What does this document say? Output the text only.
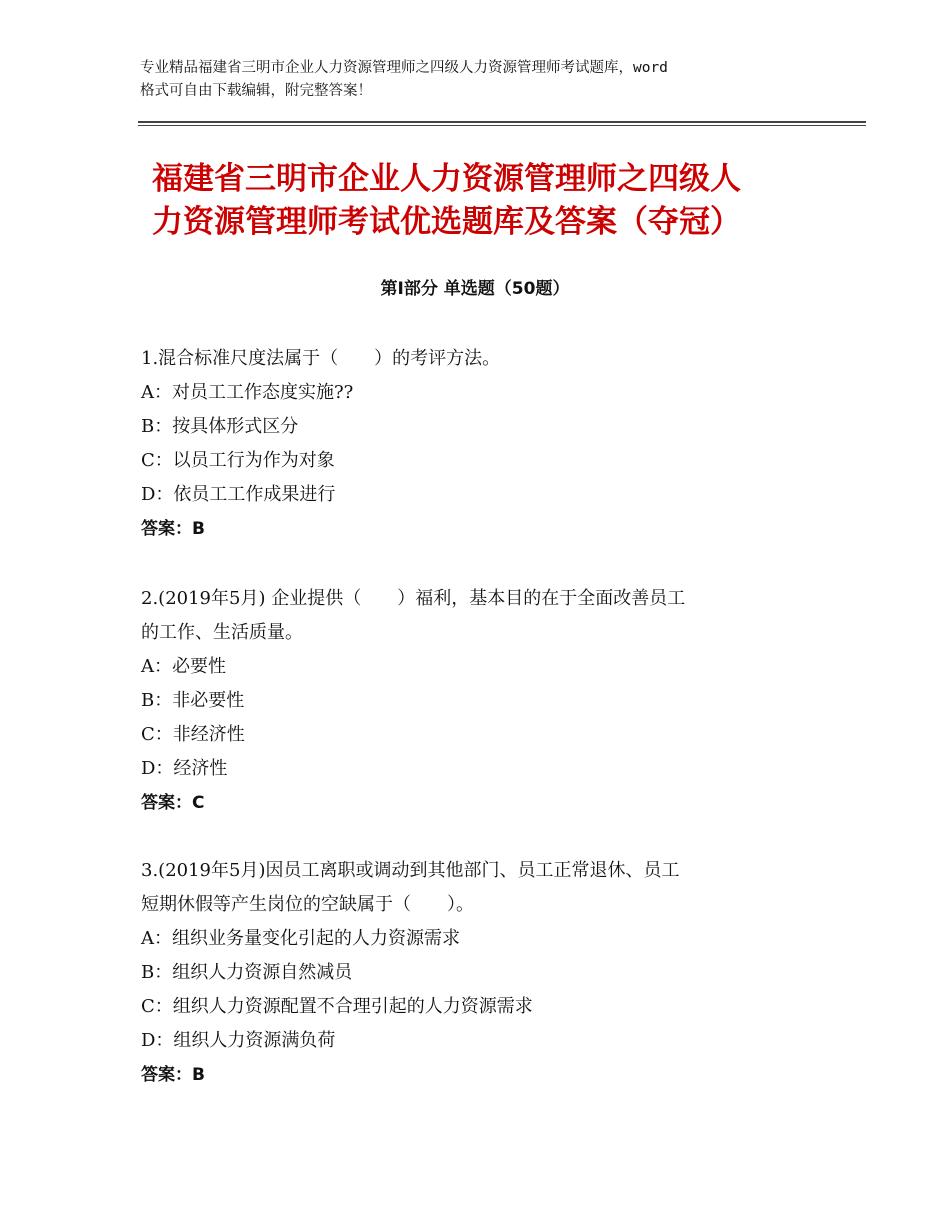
专业精品福建省三明市企业人力资源管理师之四级人力资源管理师考试题库，word
格式可自由下载编辑，附完整答案！
福建省三明市企业人力资源管理师之四级人
力资源管理师考试优选题库及答案（夺冠）
第Ⅰ部分 单选题（50题）
1.混合标准尺度法属于（　　）的考评方法。
A：对员工工作态度实施??
B：按具体形式区分
C：以员工行为作为对象
D：依员工工作成果进行
答案：B
2.(2019年5月) 企业提供（　　）福利，基本目的在于全面改善员工
的工作、生活质量。
A：必要性
B：非必要性
C：非经济性
D：经济性
答案：C
3.(2019年5月)因员工离职或调动到其他部门、员工正常退休、员工
短期休假等产生岗位的空缺属于（　　）。
A：组织业务量变化引起的人力资源需求
B：组织人力资源自然减员
C：组织人力资源配置不合理引起的人力资源需求
D：组织人力资源满负荷
答案：B
